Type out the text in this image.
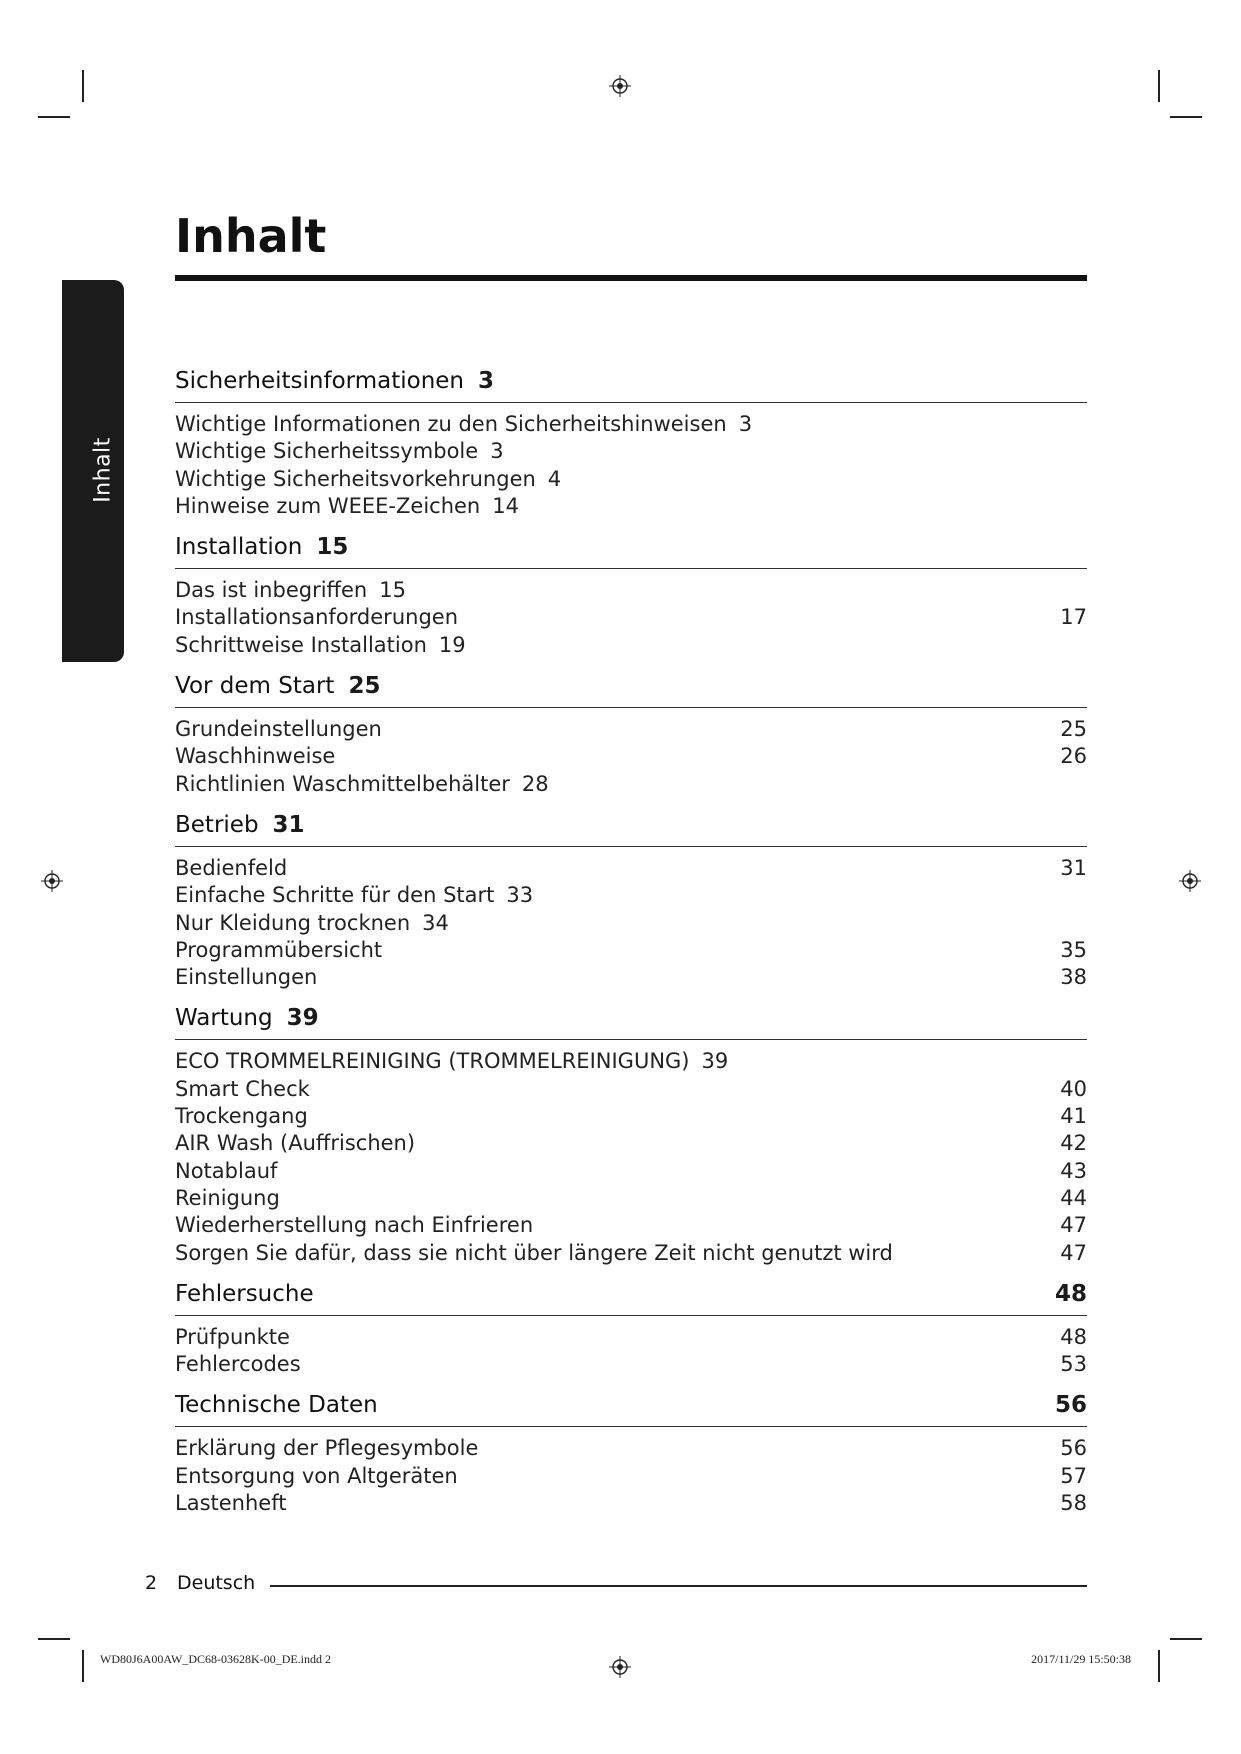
Inhalt
Inhalt
Sicherheitsinformationen 3
Wichtige Informationen zu den Sicherheitshinweisen 3
Wichtige Sicherheitssymbole 3
Wichtige Sicherheitsvorkehrungen 4
Hinweise zum WEEE-Zeichen 14
Installation 15
Das ist inbegriffen 15
Installationsanforderungen	17
Schrittweise Installation 19
Vor dem Start 25
Grundeinstellungen	25
Waschhinweise	26
Richtlinien Waschmittelbehälter 28
Betrieb 31
Bedienfeld	31
Einfache Schritte für den Start 33
Nur Kleidung trocknen 34
Programmübersicht	35
Einstellungen	38
Wartung 39
ECO TROMMELREINIGING (TROMMELREINIGUNG) 39
Smart Check	40
Trockengang	41
AIR Wash (Auffrischen)	42
Notablauf	43
Reinigung	44
Wiederherstellung nach Einfrieren	47
Sorgen Sie dafür, dass sie nicht über längere Zeit nicht genutzt wird	47
Fehlersuche	48
Prüfpunkte	48
Fehlercodes	53
Technische Daten	56
Erklärung der Pflegesymbole	56
Entsorgung von Altgeräten	57
Lastenheft	58
2 Deutsch
WD80J6A00AW_DC68-03628K-00_DE.indd 2	2017/11/29 15:50:38
